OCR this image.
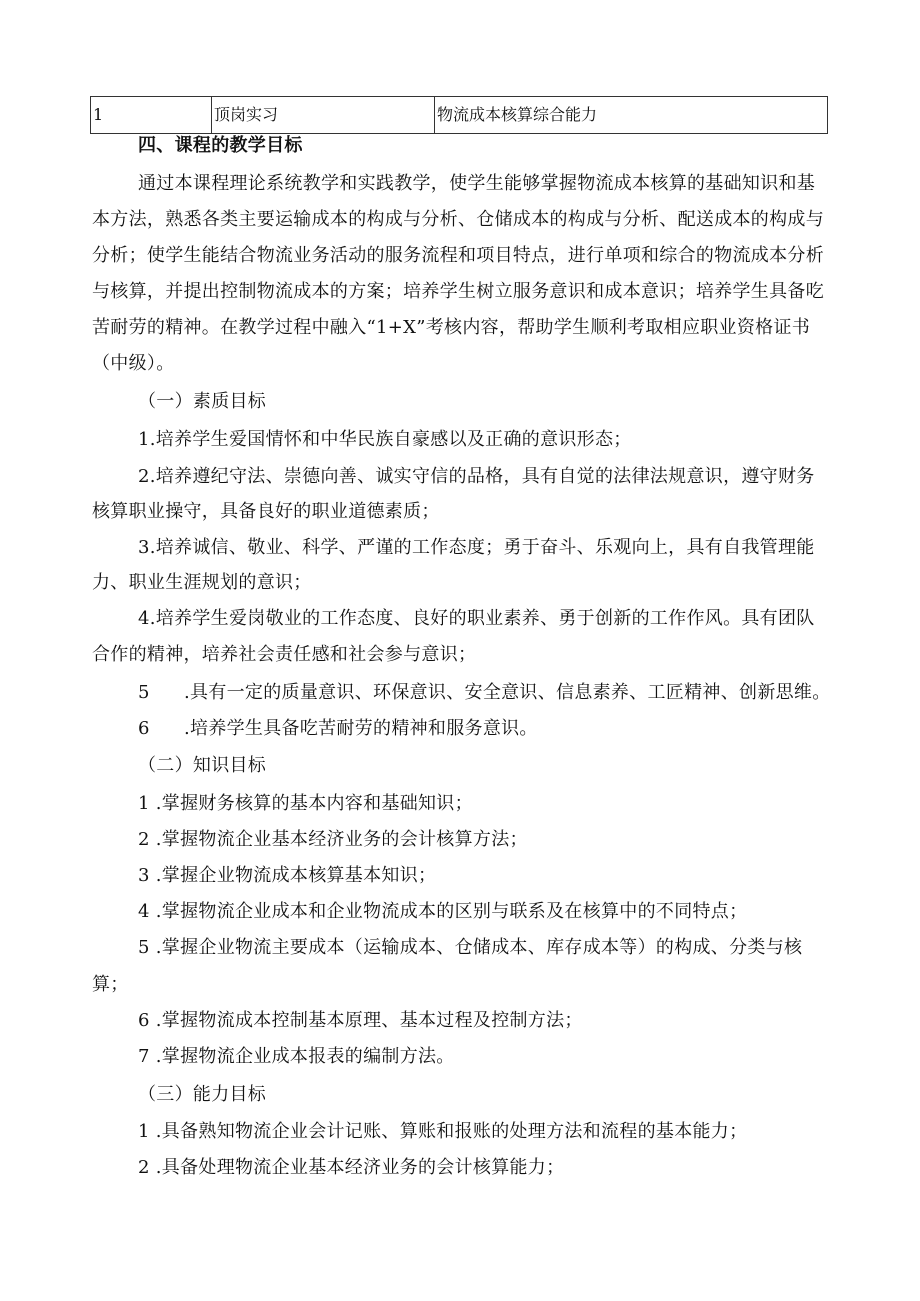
1	顶岗实习	物流成本核算综合能力
四、课程的教学目标
通过本课程理论系统教学和实践教学，使学生能够掌握物流成本核算的基础知识和基
本方法，熟悉各类主要运输成本的构成与分析、仓储成本的构成与分析、配送成本的构成与
分析；使学生能结合物流业务活动的服务流程和项目特点，进行单项和综合的物流成本分析
与核算，并提出控制物流成本的方案；培养学生树立服务意识和成本意识；培养学生具备吃
苦耐劳的精神。在教学过程中融入“1+X”考核内容，帮助学生顺利考取相应职业资格证书
（中级）。
（一）素质目标
1.培养学生爱国情怀和中华民族自豪感以及正确的意识形态；
2.培养遵纪守法、崇德向善、诚实守信的品格，具有自觉的法律法规意识，遵守财务
核算职业操守，具备良好的职业道德素质；
3.培养诚信、敬业、科学、严谨的工作态度；勇于奋斗、乐观向上，具有自我管理能
力、职业生涯规划的意识；
4.培养学生爱岗敬业的工作态度、良好的职业素养、勇于创新的工作作风。具有团队
合作的精神，培养社会责任感和社会参与意识；
5 .具有一定的质量意识、环保意识、安全意识、信息素养、工匠精神、创新思维。
6 .培养学生具备吃苦耐劳的精神和服务意识。
（二）知识目标
1 .掌握财务核算的基本内容和基础知识；
2 .掌握物流企业基本经济业务的会计核算方法；
3 .掌握企业物流成本核算基本知识；
4 .掌握物流企业成本和企业物流成本的区别与联系及在核算中的不同特点；
5 .掌握企业物流主要成本（运输成本、仓储成本、库存成本等）的构成、分类与核
算；
6 .掌握物流成本控制基本原理、基本过程及控制方法；
7 .掌握物流企业成本报表的编制方法。
（三）能力目标
1 .具备熟知物流企业会计记账、算账和报账的处理方法和流程的基本能力；
2 .具备处理物流企业基本经济业务的会计核算能力；
